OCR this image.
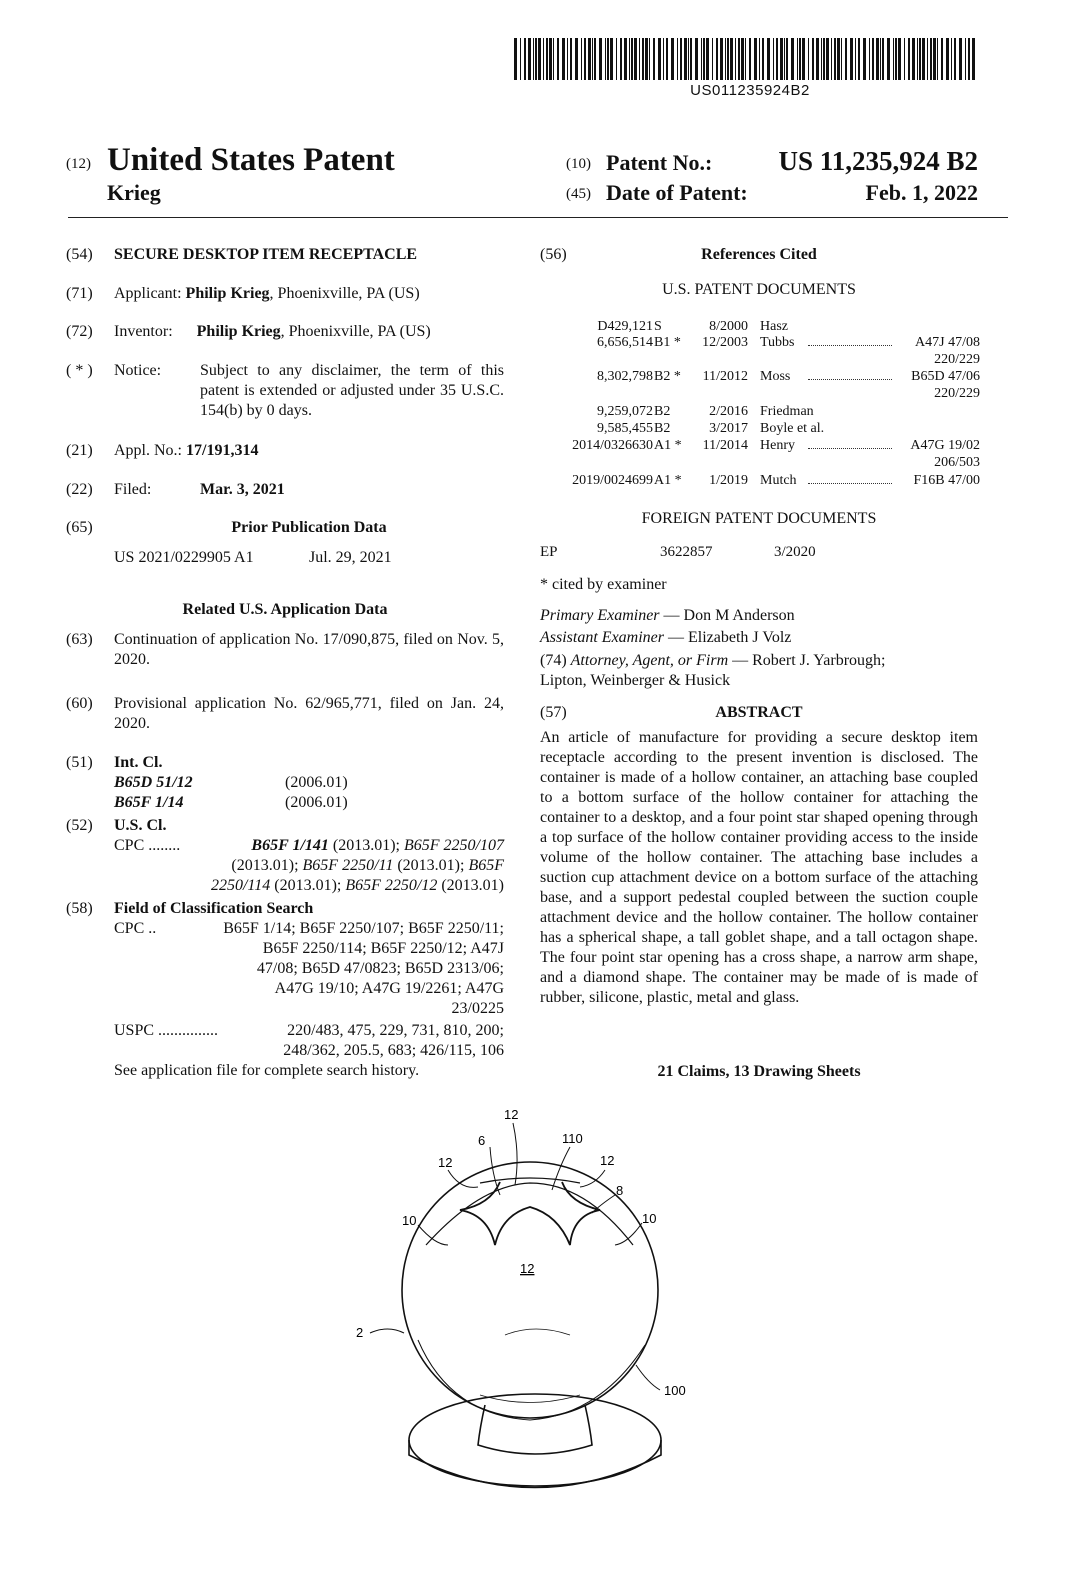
US011235924B2
(12) United States Patent
Krieg
(10) Patent No.:	US 11,235,924 B2
(45) Date of Patent:	Feb. 1, 2022
(54) SECURE DESKTOP ITEM RECEPTACLE
(71) Applicant: Philip Krieg, Phoenixville, PA (US)
(72) Inventor: Philip Krieg, Phoenixville, PA (US)
( * ) Notice: Subject to any disclaimer, the term of this patent is extended or adjusted under 35 U.S.C. 154(b) by 0 days.
(21) Appl. No.: 17/191,314
(22) Filed:	Mar. 3, 2021
(65)	Prior Publication Data
US 2021/0229905 A1	Jul. 29, 2021
Related U.S. Application Data
(63) Continuation of application No. 17/090,875, filed on Nov. 5, 2020.
(60) Provisional application No. 62/965,771, filed on Jan. 24, 2020.
(51) Int. Cl.
B65D 51/12	(2006.01)
B65F 1/14	(2006.01)
(52) U.S. Cl.
CPC ........	B65F 1/141 (2013.01); B65F 2250/107
(2013.01); B65F 2250/11 (2013.01); B65F
2250/114 (2013.01); B65F 2250/12 (2013.01)
(58) Field of Classification Search
CPC ..	B65F 1/14; B65F 2250/107; B65F 2250/11;
B65F 2250/114; B65F 2250/12; A47J
47/08; B65D 47/0823; B65D 2313/06;
A47G 19/10; A47G 19/2261; A47G
23/0225
USPC ...............	220/483, 475, 229, 731, 810, 200;
248/362, 205.5, 683; 426/115, 106
See application file for complete search history.
(56)	References Cited
U.S. PATENT DOCUMENTS
D429,121 S	8/2000 Hasz
6,656,514 B1 * 12/2003 Tubbs	A47J 47/08
220/229
8,302,798 B2 * 11/2012 Moss	B65D 47/06
220/229
9,259,072 B2	2/2016 Friedman
9,585,455 B2	3/2017 Boyle et al.
2014/0326630 A1 * 11/2014 Henry	A47G 19/02
206/503
2019/0024699 A1 * 1/2019 Mutch	F16B 47/00
FOREIGN PATENT DOCUMENTS
EP	3622857	3/2020
* cited by examiner
Primary Examiner — Don M Anderson
Assistant Examiner — Elizabeth J Volz
(74) Attorney, Agent, or Firm — Robert J. Yarbrough;
Lipton, Weinberger & Husick
(57)	ABSTRACT
An article of manufacture for providing a secure desktop item receptacle according to the present invention is disclosed. The container is made of a hollow container, an attaching base coupled to a bottom surface of the hollow container for attaching the container to a desktop, and a four point star shaped opening through a top surface of the hollow container providing access to the inside volume of the hollow container. The attaching base includes a suction cup attachment device on a bottom surface of the attaching base, and a support pedestal coupled between the suction couple attachment device and the hollow container. The hollow container has a spherical shape, a tall goblet shape, and a tall octagon shape. The four point star opening has a cross shape, a narrow arm shape, and a diamond shape. The container may be made of is made of rubber, silicone, plastic, metal and glass.
21 Claims, 13 Drawing Sheets
12
6	110
12	12
8
10	10
12
2
100
